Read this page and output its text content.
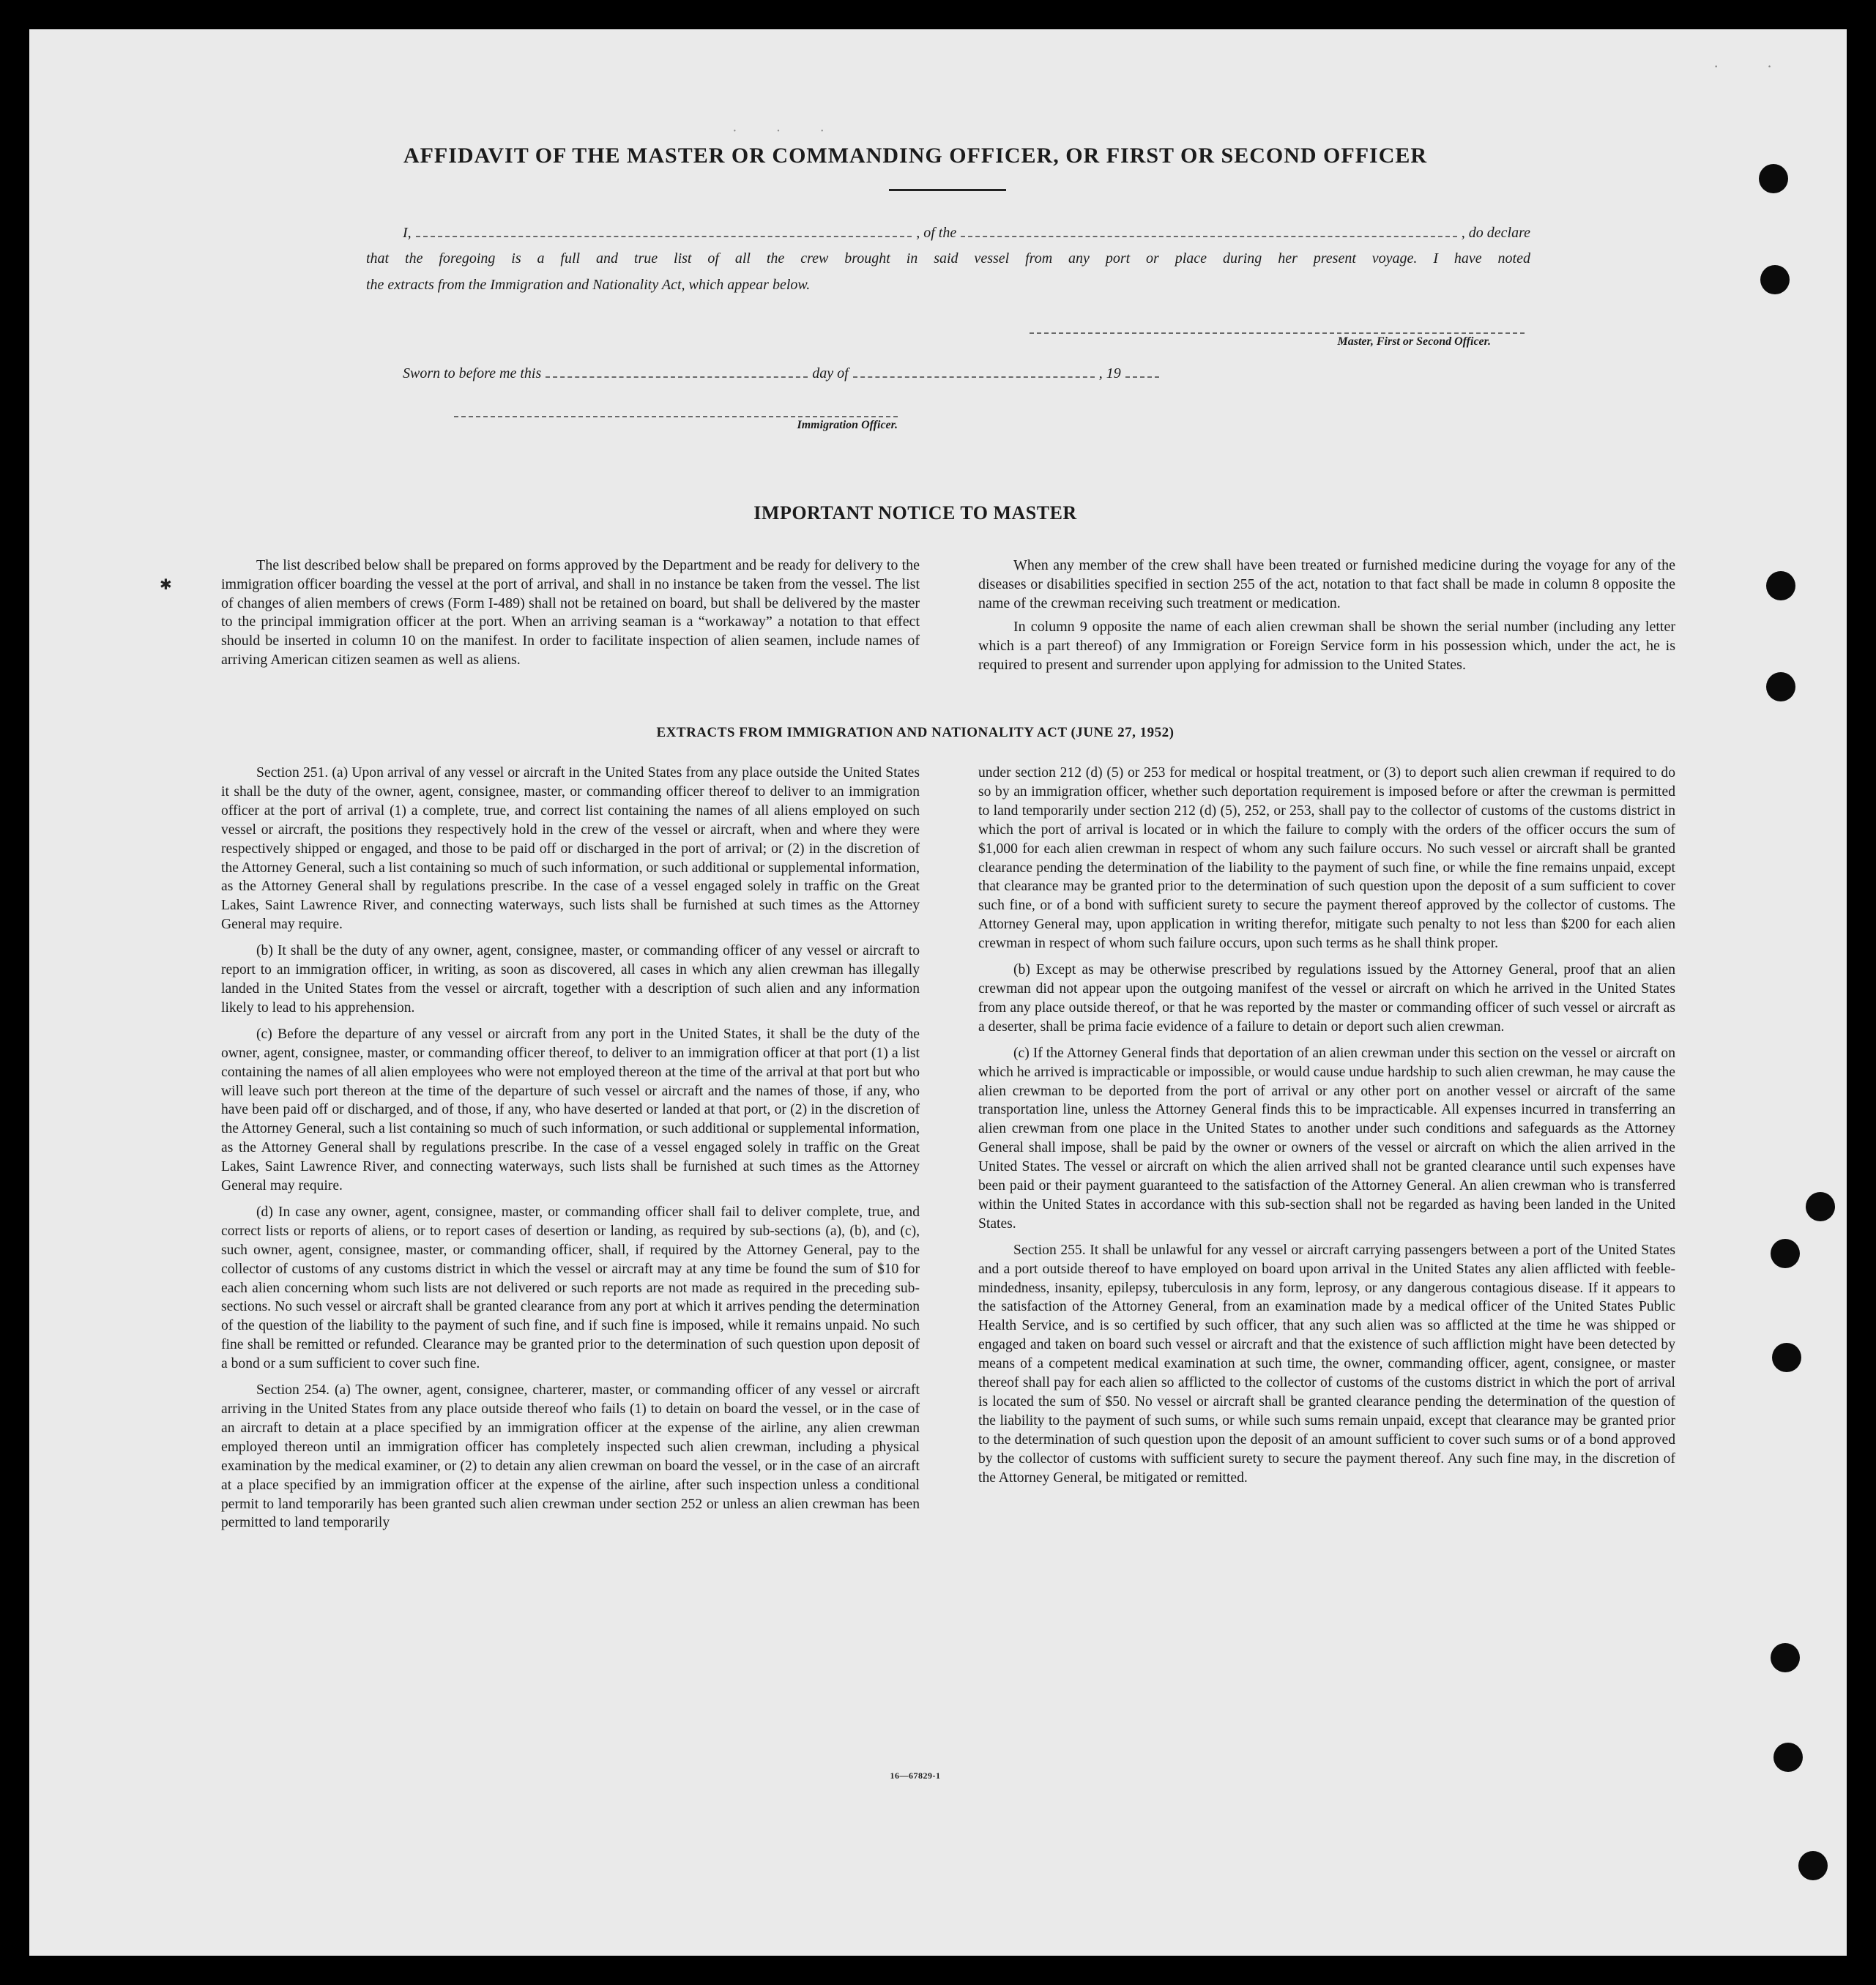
· ·
AFFIDAVIT OF THE MASTER OR COMMANDING OFFICER, OR FIRST OR SECOND OFFICER
I,	, of the	, do declare

that the foregoing is a full and true list of all the crew brought in said vessel from any port or place during her present voyage. I have noted

the extracts from the Immigration and Nationality Act, which appear below.

Master, First or Second Officer.
Sworn to before me this	day of	, 19
Immigration Officer.
IMPORTANT NOTICE TO MASTER
✱

The list described below shall be prepared on forms approved by the Department and be ready for delivery to the immigration officer boarding the vessel at the port of arrival, and shall in no instance be taken from the vessel. The list of changes of alien members of crews (Form I-489) shall not be retained on board, but shall be delivered by the master to the principal immigration officer at the port. When an arriving seaman is a “workaway” a notation to that effect should be inserted in column 10 on the manifest. In order to facilitate inspection of alien seamen, include names of arriving American citizen seamen as well as aliens.

When any member of the crew shall have been treated or furnished medicine during the voyage for any of the diseases or disabilities specified in section 255 of the act, notation to that fact shall be made in column 8 opposite the name of the crewman receiving such treatment or medication.

In column 9 opposite the name of each alien crewman shall be shown the serial number (including any letter which is a part thereof) of any Immigration or Foreign Service form in his possession which, under the act, he is required to present and surrender upon applying for admission to the United States.

EXTRACTS FROM IMMIGRATION AND NATIONALITY ACT (JUNE 27, 1952)

Section 251. (a) Upon arrival of any vessel or aircraft in the United States from any place outside the United States it shall be the duty of the owner, agent, consignee, master, or commanding officer thereof to deliver to an immigration officer at the port of arrival (1) a complete, true, and correct list containing the names of all aliens employed on such vessel or aircraft, the positions they respectively hold in the crew of the vessel or aircraft, when and where they were respectively shipped or engaged, and those to be paid off or discharged in the port of arrival; or (2) in the discretion of the Attorney General, such a list containing so much of such information, or such additional or supplemental information, as the Attorney General shall by regulations prescribe. In the case of a vessel engaged solely in traffic on the Great Lakes, Saint Lawrence River, and connecting waterways, such lists shall be furnished at such times as the Attorney General may require.

(b) It shall be the duty of any owner, agent, consignee, master, or commanding officer of any vessel or aircraft to report to an immigration officer, in writing, as soon as discovered, all cases in which any alien crewman has illegally landed in the United States from the vessel or aircraft, together with a description of such alien and any information likely to lead to his apprehension.

(c) Before the departure of any vessel or aircraft from any port in the United States, it shall be the duty of the owner, agent, consignee, master, or commanding officer thereof, to deliver to an immigration officer at that port (1) a list containing the names of all alien employees who were not employed thereon at the time of the arrival at that port but who will leave such port thereon at the time of the departure of such vessel or aircraft and the names of those, if any, who have been paid off or discharged, and of those, if any, who have deserted or landed at that port, or (2) in the discretion of the Attorney General, such a list containing so much of such information, or such additional or supplemental information, as the Attorney General shall by regulations prescribe. In the case of a vessel engaged solely in traffic on the Great Lakes, Saint Lawrence River, and connecting waterways, such lists shall be furnished at such times as the Attorney General may require.

(d) In case any owner, agent, consignee, master, or commanding officer shall fail to deliver complete, true, and correct lists or reports of aliens, or to report cases of desertion or landing, as required by sub-sections (a), (b), and (c), such owner, agent, consignee, master, or commanding officer, shall, if required by the Attorney General, pay to the collector of customs of any customs district in which the vessel or aircraft may at any time be found the sum of $10 for each alien concerning whom such lists are not delivered or such reports are not made as required in the preceding subsections. No such vessel or aircraft shall be granted clearance from any port at which it arrives pending the determination of the question of the liability to the payment of such fine, and if such fine is imposed, while it remains unpaid. No such fine shall be remitted or refunded. Clearance may be granted prior to the determination of such question upon deposit of a bond or a sum sufficient to cover such fine.

Section 254. (a) The owner, agent, consignee, charterer, master, or commanding officer of any vessel or aircraft arriving in the United States from any place outside thereof who fails (1) to detain on board the vessel, or in the case of an aircraft to detain at a place specified by an immigration officer at the expense of the airline, any alien crewman employed thereon until an immigration officer has completely inspected such alien crewman, including a physical examination by the medical examiner, or (2) to detain any alien crewman on board the vessel, or in the case of an aircraft at a place specified by an immigration officer at the expense of the airline, after such inspection unless a conditional permit to land temporarily has been granted such alien crewman under section 252 or unless an alien crewman has been permitted to land temporarily

under section 212 (d) (5) or 253 for medical or hospital treatment, or (3) to deport such alien crewman if required to do so by an immigration officer, whether such deportation requirement is imposed before or after the crewman is permitted to land temporarily under section 212 (d) (5), 252, or 253, shall pay to the collector of customs of the customs district in which the port of arrival is located or in which the failure to comply with the orders of the officer occurs the sum of $1,000 for each alien crewman in respect of whom any such failure occurs. No such vessel or aircraft shall be granted clearance pending the determination of the liability to the payment of such fine, or while the fine remains unpaid, except that clearance may be granted prior to the determination of such question upon the deposit of a sum sufficient to cover such fine, or of a bond with sufficient surety to secure the payment thereof approved by the collector of customs. The Attorney General may, upon application in writing therefor, mitigate such penalty to not less than $200 for each alien crewman in respect of whom such failure occurs, upon such terms as he shall think proper.

(b) Except as may be otherwise prescribed by regulations issued by the Attorney General, proof that an alien crewman did not appear upon the outgoing manifest of the vessel or aircraft on which he arrived in the United States from any place outside thereof, or that he was reported by the master or commanding officer of such vessel or aircraft as a deserter, shall be prima facie evidence of a failure to detain or deport such alien crewman.

(c) If the Attorney General finds that deportation of an alien crewman under this section on the vessel or aircraft on which he arrived is impracticable or impossible, or would cause undue hardship to such alien crewman, he may cause the alien crewman to be deported from the port of arrival or any other port on another vessel or aircraft of the same transportation line, unless the Attorney General finds this to be impracticable. All expenses incurred in transferring an alien crewman from one place in the United States to another under such conditions and safeguards as the Attorney General shall impose, shall be paid by the owner or owners of the vessel or aircraft on which the alien arrived in the United States. The vessel or aircraft on which the alien arrived shall not be granted clearance until such expenses have been paid or their payment guaranteed to the satisfaction of the Attorney General. An alien crewman who is transferred within the United States in accordance with this sub-section shall not be regarded as having been landed in the United States.

Section 255. It shall be unlawful for any vessel or aircraft carrying passengers between a port of the United States and a port outside thereof to have employed on board upon arrival in the United States any alien afflicted with feeble-mindedness, insanity, epilepsy, tuberculosis in any form, leprosy, or any dangerous contagious disease. If it appears to the satisfaction of the Attorney General, from an examination made by a medical officer of the United States Public Health Service, and is so certified by such officer, that any such alien was so afflicted at the time he was shipped or engaged and taken on board such vessel or aircraft and that the existence of such affliction might have been detected by means of a competent medical examination at such time, the owner, commanding officer, agent, consignee, or master thereof shall pay for each alien so afflicted to the collector of customs of the customs district in which the port of arrival is located the sum of $50. No vessel or aircraft shall be granted clearance pending the determination of the question of the liability to the payment of such sums, or while such sums remain unpaid, except that clearance may be granted prior to the determination of such question upon the deposit of an amount sufficient to cover such sums or of a bond approved by the collector of customs with sufficient surety to secure the payment thereof. Any such fine may, in the discretion of the Attorney General, be mitigated or remitted.

16—67829-1
